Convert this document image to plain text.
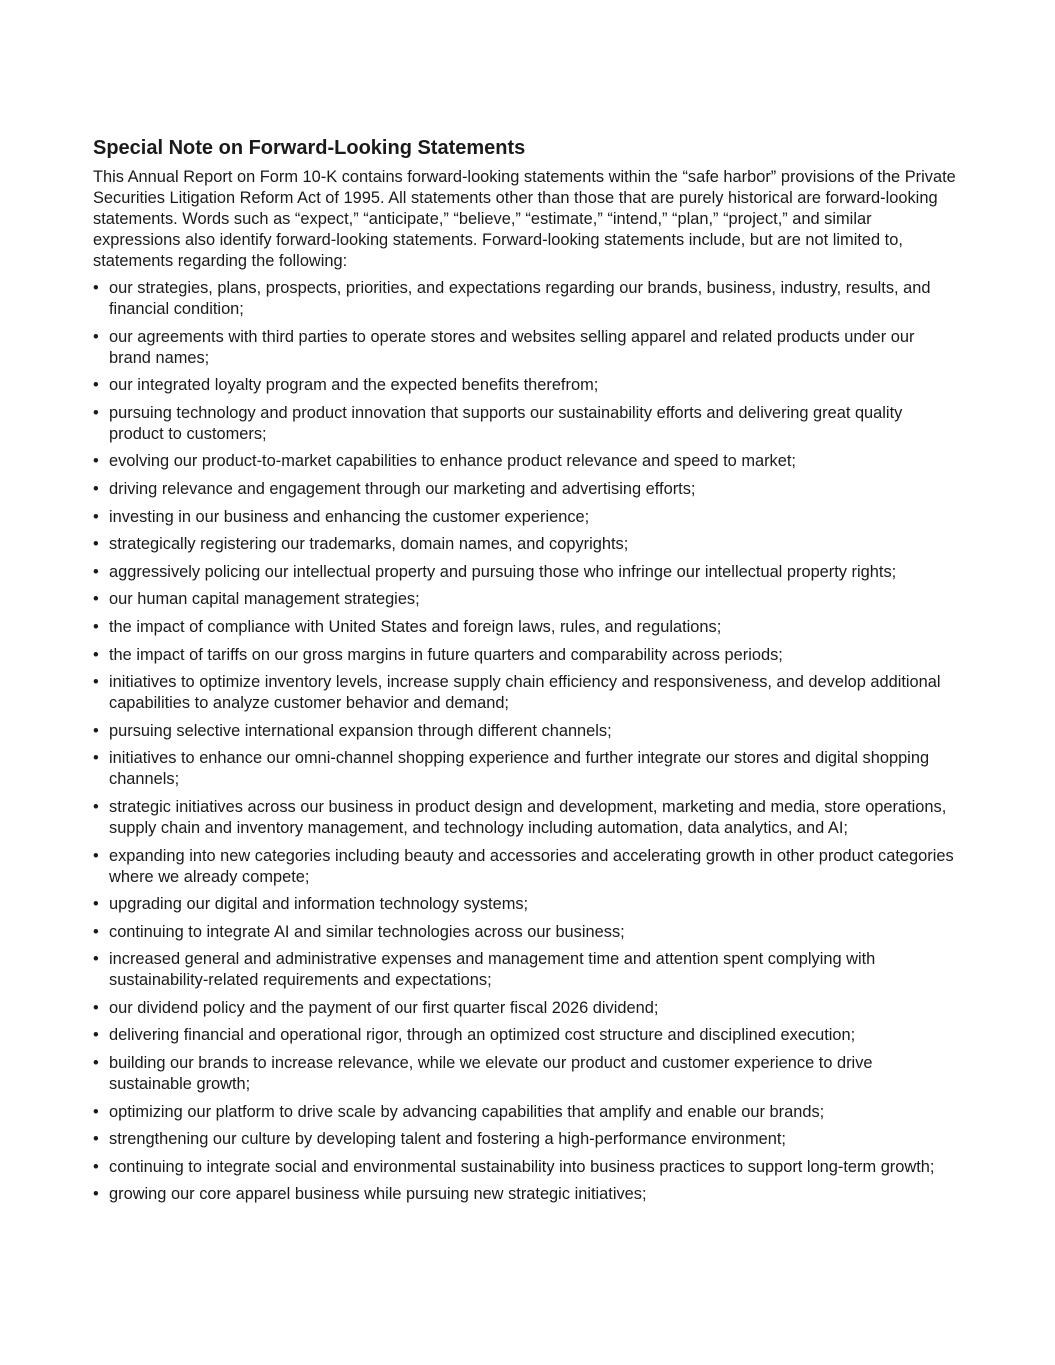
Special Note on Forward-Looking Statements

This Annual Report on Form 10-K contains forward-looking statements within the “safe harbor” provisions of the Private Securities Litigation Reform Act of 1995. All statements other than those that are purely historical are forward-looking statements. Words such as “expect,” “anticipate,” “believe,” “estimate,” “intend,” “plan,” “project,” and similar expressions also identify forward-looking statements. Forward-looking statements include, but are not limited to, statements regarding the following:

• our strategies, plans, prospects, priorities, and expectations regarding our brands, business, industry, results, and financial condition;
• our agreements with third parties to operate stores and websites selling apparel and related products under our brand names;
• our integrated loyalty program and the expected benefits therefrom;
• pursuing technology and product innovation that supports our sustainability efforts and delivering great quality product to customers;
• evolving our product-to-market capabilities to enhance product relevance and speed to market;
• driving relevance and engagement through our marketing and advertising efforts;
• investing in our business and enhancing the customer experience;
• strategically registering our trademarks, domain names, and copyrights;
• aggressively policing our intellectual property and pursuing those who infringe our intellectual property rights;
• our human capital management strategies;
• the impact of compliance with United States and foreign laws, rules, and regulations;
• the impact of tariffs on our gross margins in future quarters and comparability across periods;
• initiatives to optimize inventory levels, increase supply chain efficiency and responsiveness, and develop additional capabilities to analyze customer behavior and demand;
• pursuing selective international expansion through different channels;
• initiatives to enhance our omni-channel shopping experience and further integrate our stores and digital shopping channels;
• strategic initiatives across our business in product design and development, marketing and media, store operations, supply chain and inventory management, and technology including automation, data analytics, and AI;
• expanding into new categories including beauty and accessories and accelerating growth in other product categories where we already compete;
• upgrading our digital and information technology systems;
• continuing to integrate AI and similar technologies across our business;
• increased general and administrative expenses and management time and attention spent complying with sustainability-related requirements and expectations;
• our dividend policy and the payment of our first quarter fiscal 2026 dividend;
• delivering financial and operational rigor, through an optimized cost structure and disciplined execution;
• building our brands to increase relevance, while we elevate our product and customer experience to drive sustainable growth;
• optimizing our platform to drive scale by advancing capabilities that amplify and enable our brands;
• strengthening our culture by developing talent and fostering a high-performance environment;
• continuing to integrate social and environmental sustainability into business practices to support long-term growth;
• growing our core apparel business while pursuing new strategic initiatives;
